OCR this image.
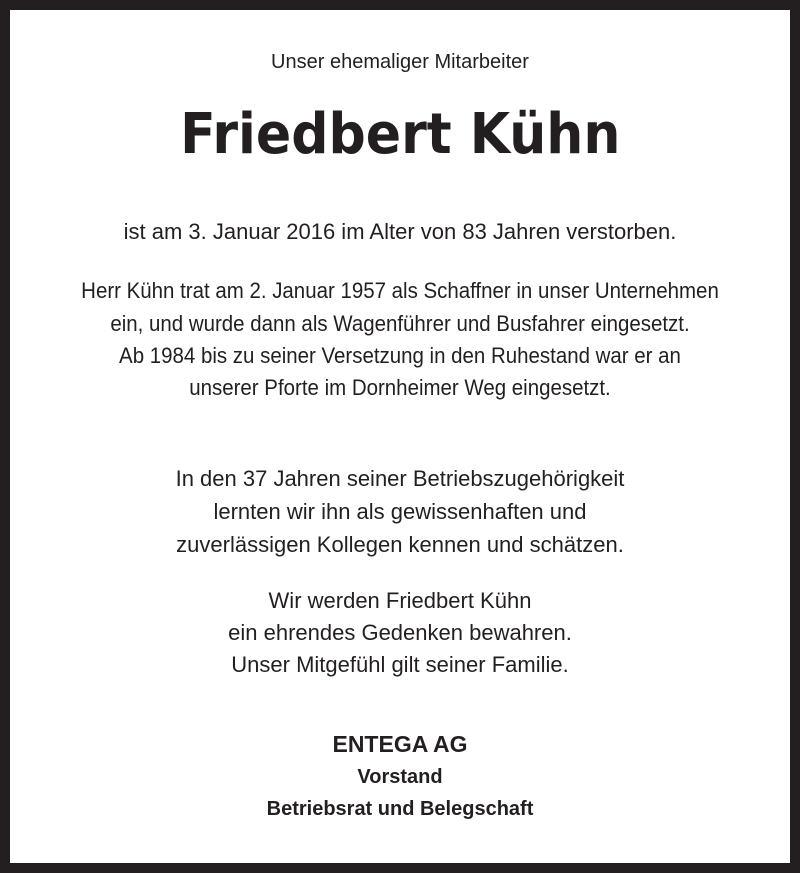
Unser ehemaliger Mitarbeiter
Friedbert Kühn
ist am 3. Januar 2016 im Alter von 83 Jahren verstorben.
Herr Kühn trat am 2. Januar 1957 als Schaffner in unser Unternehmen
ein, und wurde dann als Wagenführer und Busfahrer eingesetzt.
Ab 1984 bis zu seiner Versetzung in den Ruhestand war er an
unserer Pforte im Dornheimer Weg eingesetzt.
In den 37 Jahren seiner Betriebszugehörigkeit
lernten wir ihn als gewissenhaften und
zuverlässigen Kollegen kennen und schätzen.
Wir werden Friedbert Kühn
ein ehrendes Gedenken bewahren.
Unser Mitgefühl gilt seiner Familie.
ENTEGA AG
Vorstand
Betriebsrat und Belegschaft
